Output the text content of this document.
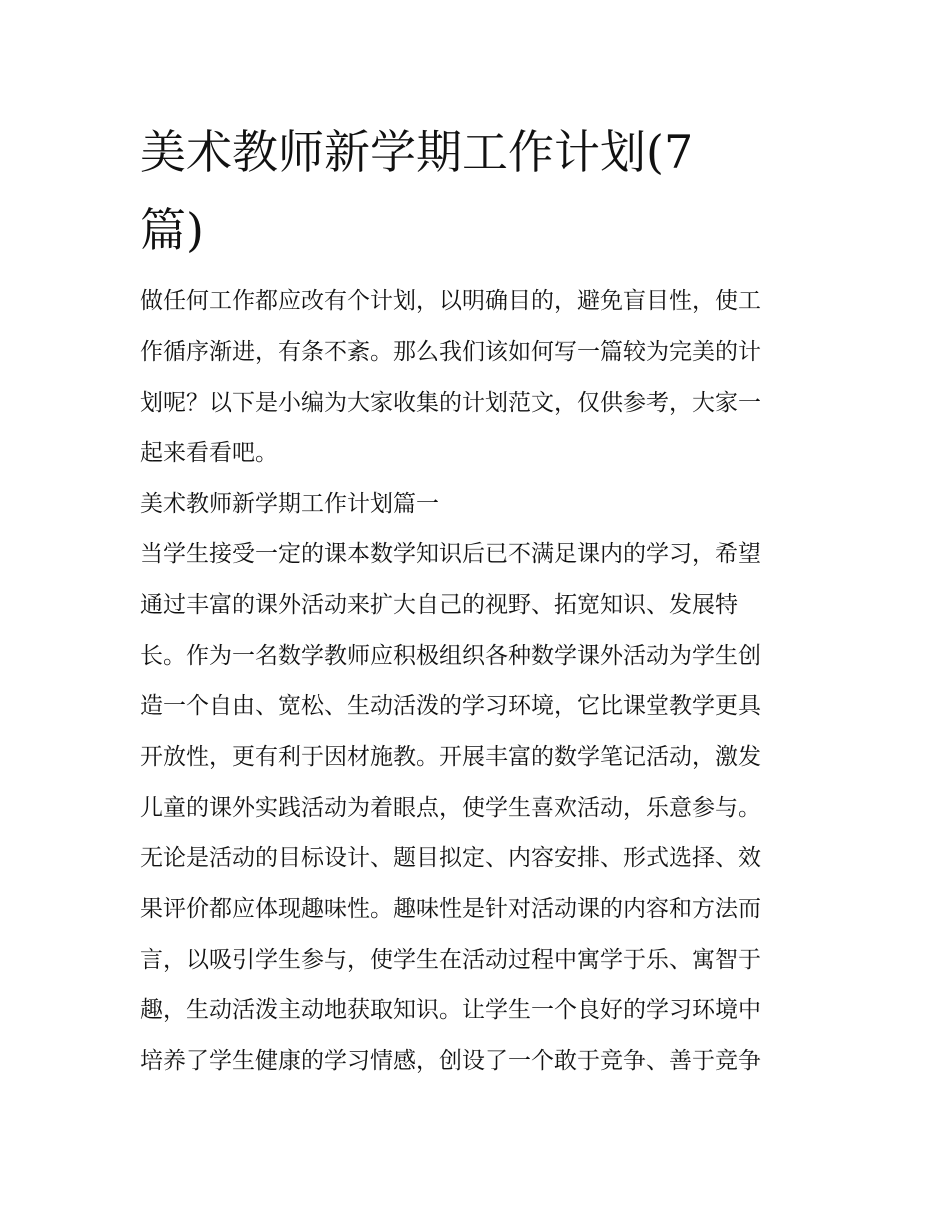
美术教师新学期工作计划(7
篇)

做任何工作都应改有个计划，以明确目的，避免盲目性，使工

作循序渐进，有条不紊。那么我们该如何写一篇较为完美的计

划呢？以下是小编为大家收集的计划范文，仅供参考，大家一

起来看看吧。

美术教师新学期工作计划篇一

当学生接受一定的课本数学知识后已不满足课内的学习，希望

通过丰富的课外活动来扩大自己的视野、拓宽知识、发展特

长。作为一名数学教师应积极组织各种数学课外活动为学生创

造一个自由、宽松、生动活泼的学习环境，它比课堂教学更具

开放性，更有利于因材施教。开展丰富的数学笔记活动，激发

儿童的课外实践活动为着眼点，使学生喜欢活动，乐意参与。

无论是活动的目标设计、题目拟定、内容安排、形式选择、效

果评价都应体现趣味性。趣味性是针对活动课的内容和方法而

言，以吸引学生参与，使学生在活动过程中寓学于乐、寓智于

趣，生动活泼主动地获取知识。让学生一个良好的学习环境中

培养了学生健康的学习情感，创设了一个敢于竞争、善于竞争
